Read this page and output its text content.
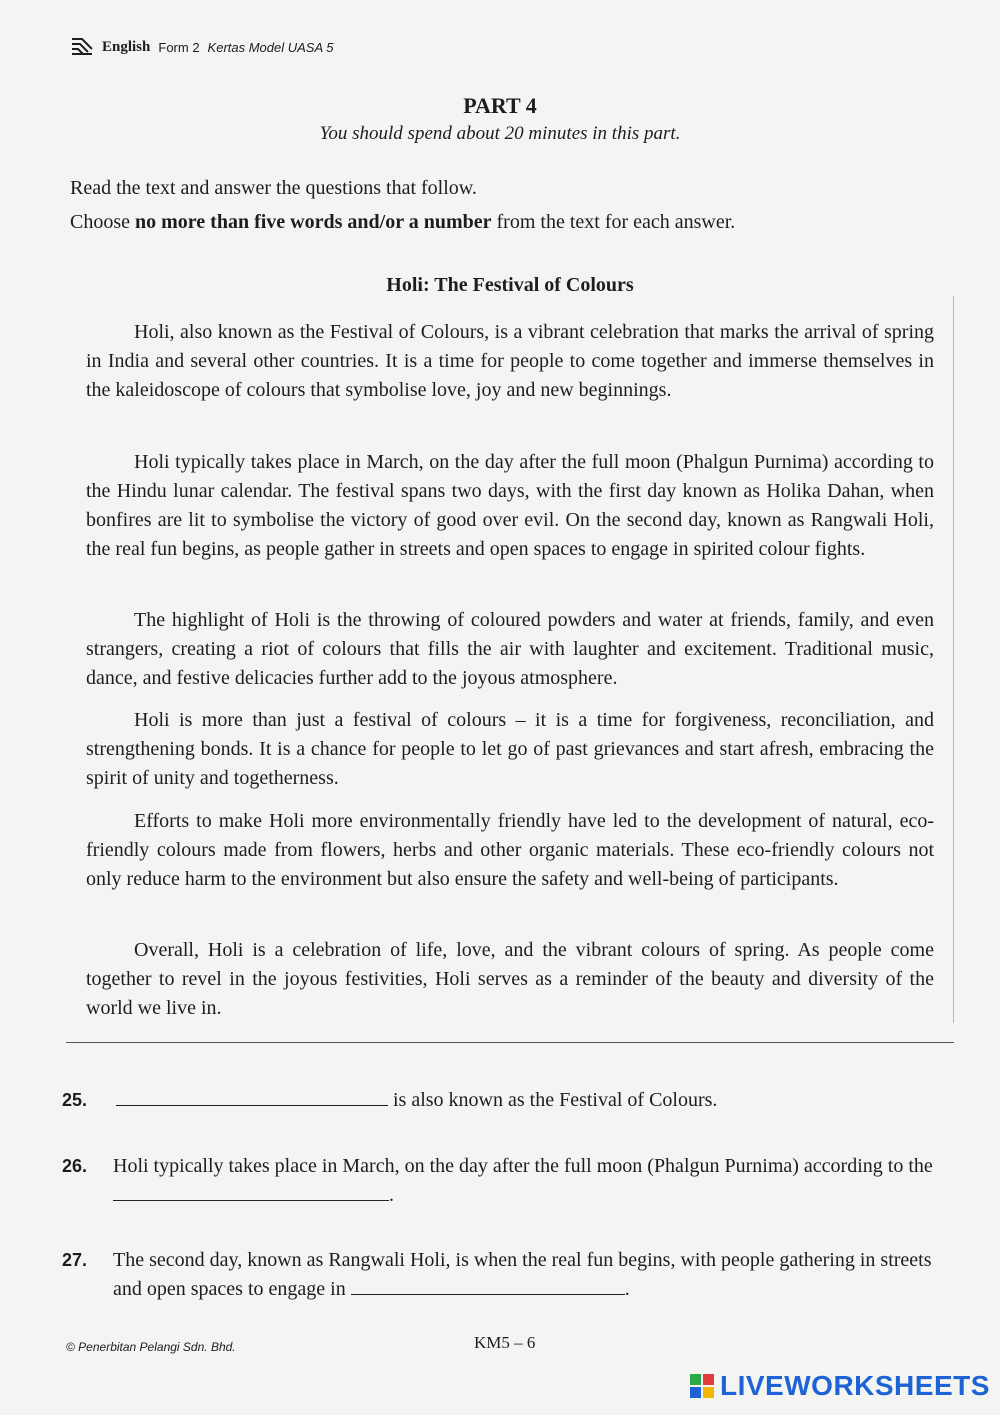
English Form 2 Kertas Model UASA 5
PART 4
You should spend about 20 minutes in this part.
Read the text and answer the questions that follow.
Choose no more than five words and/or a number from the text for each answer.
Holi: The Festival of Colours

Holi, also known as the Festival of Colours, is a vibrant celebration that marks the arrival of spring in India and several other countries. It is a time for people to come together and immerse themselves in the kaleidoscope of colours that symbolise love, joy and new beginnings.

Holi typically takes place in March, on the day after the full moon (Phalgun Purnima) according to the Hindu lunar calendar. The festival spans two days, with the first day known as Holika Dahan, when bonfires are lit to symbolise the victory of good over evil. On the second day, known as Rangwali Holi, the real fun begins, as people gather in streets and open spaces to engage in spirited colour fights.

The highlight of Holi is the throwing of coloured powders and water at friends, family, and even strangers, creating a riot of colours that fills the air with laughter and excitement. Traditional music, dance, and festive delicacies further add to the joyous atmosphere.

Holi is more than just a festival of colours – it is a time for forgiveness, reconciliation, and strengthening bonds. It is a chance for people to let go of past grievances and start afresh, embracing the spirit of unity and togetherness.

Efforts to make Holi more environmentally friendly have led to the development of natural, eco-friendly colours made from flowers, herbs and other organic materials. These eco-friendly colours not only reduce harm to the environment but also ensure the safety and well-being of participants.

Overall, Holi is a celebration of life, love, and the vibrant colours of spring. As people come together to revel in the joyous festivities, Holi serves as a reminder of the beauty and diversity of the world we live in.

25.	is also known as the Festival of Colours.
26. Holi typically takes place in March, on the day after the full moon (Phalgun Purnima) according to the .
27. The second day, known as Rangwali Holi, is when the real fun begins, with people gathering in streets and open spaces to engage in	.
© Penerbitan Pelangi Sdn. Bhd.	KM5 – 6
LIVEWORKSHEETS
